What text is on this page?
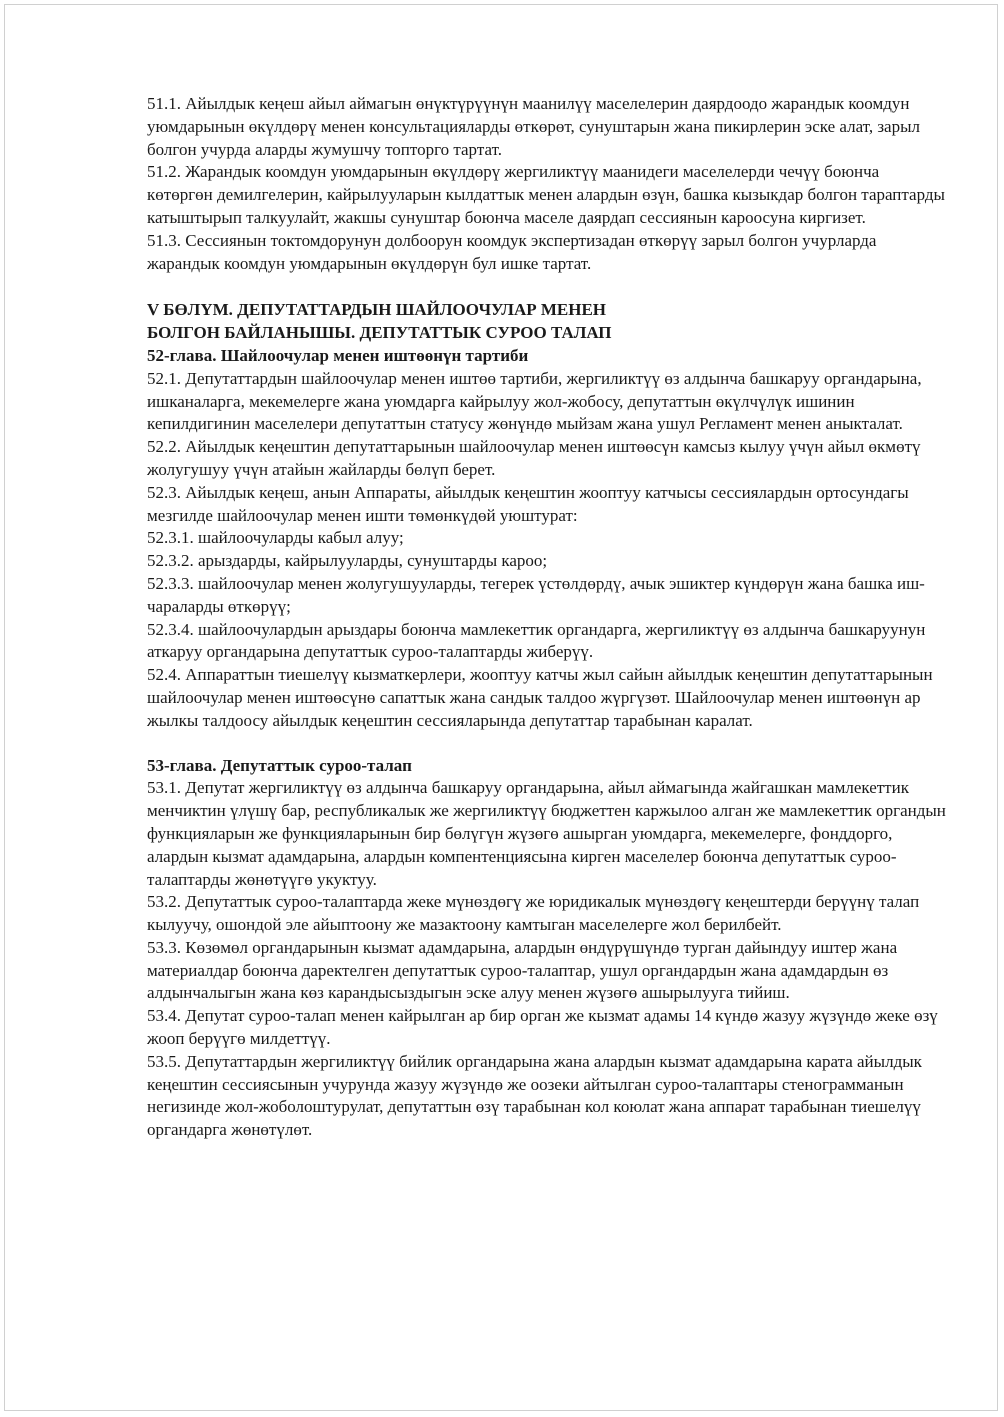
51.1. Айылдык кеңеш айыл аймагын өнүктүрүүнүн маанилүү маселелерин даярдоодо жарандык коомдун уюмдарынын өкүлдөрү менен консультацияларды өткөрөт, сунуштарын жана пикирлерин эске алат, зарыл болгон учурда аларды жумушчу топторго тартат.

51.2. Жарандык коомдун уюмдарынын өкүлдөрү жергиликтүү маанидеги маселелерди чечүү боюнча көтөргөн демилгелерин, кайрылууларын кылдаттык менен алардын өзүн, башка кызыкдар болгон тараптарды катыштырып талкуулайт, жакшы сунуштар боюнча маселе даярдап сессиянын кароосуна киргизет.

51.3. Сессиянын токтомдорунун долбоорун коомдук экспертизадан өткөрүү зарыл болгон учурларда жарандык коомдун уюмдарынын өкүлдөрүн бул ишке тартат.

V БӨЛҮМ. ДЕПУТАТТАРДЫН ШАЙЛООЧУЛАР МЕНЕН

БОЛГОН БАЙЛАНЫШЫ. ДЕПУТАТТЫК СУРОО ТАЛАП

52-глава. Шайлоочулар менен иштөөнүн тартиби

52.1. Депутаттардын шайлоочулар менен иштөө тартиби, жергиликтүү өз алдынча башкаруу органдарына, ишканаларга, мекемелерге жана уюмдарга кайрылуу жол-жобосу, депутаттын өкүлчүлүк ишинин кепилдигинин маселелери депутаттын статусу жөнүндө мыйзам жана ушул Регламент менен аныкталат.

52.2. Айылдык кеңештин депутаттарынын шайлоочулар менен иштөөсүн камсыз кылуу үчүн айыл өкмөтү жолугушуу үчүн атайын жайларды бөлүп берет.

52.3. Айылдык кеңеш, анын Аппараты, айылдык кеңештин жооптуу катчысы сессиялардын ортосундагы мезгилде шайлоочулар менен ишти төмөнкүдөй уюштурат:

52.3.1. шайлоочуларды кабыл алуу;

52.3.2. арыздарды, кайрылууларды, сунуштарды кароо;

52.3.3. шайлоочулар менен жолугушууларды, тегерек үстөлдөрдү, ачык эшиктер күндөрүн жана башка иш-чараларды өткөрүү;

52.3.4. шайлоочулардын арыздары боюнча мамлекеттик органдарга, жергиликтүү өз алдынча башкаруунун аткаруу органдарына депутаттык суроо-талаптарды жиберүү.

52.4. Аппараттын тиешелүү кызматкерлери, жооптуу катчы жыл сайын айылдык кеңештин депутаттарынын шайлоочулар менен иштөөсүнө сапаттык жана сандык талдоо жүргүзөт. Шайлоочулар менен иштөөнүн ар жылкы талдоосу айылдык кеңештин сессияларында депутаттар тарабынан каралат.

53-глава. Депутаттык суроо-талап

53.1. Депутат жергиликтүү өз алдынча башкаруу органдарына, айыл аймагында жайгашкан мамлекеттик менчиктин үлүшү бар, республикалык же жергиликтүү бюджеттен каржылоо алган же мамлекеттик органдын функцияларын же функцияларынын бир бөлүгүн жүзөгө ашырган уюмдарга, мекемелерге, фонддорго, алардын кызмат адамдарына, алардын компентенциясына кирген маселелер боюнча депутаттык суроо-талаптарды жөнөтүүгө укуктуу.

53.2. Депутаттык суроо-талаптарда жеке мүнөздөгү же юридикалык мүнөздөгү кеңештерди берүүнү талап кылуучу, ошондой эле айыптоону же мазактоону камтыган маселелерге жол берилбейт.

53.3. Көзөмөл органдарынын кызмат адамдарына, алардын өндүрүшүндө турган дайындуу иштер жана материалдар боюнча даректелген депутаттык суроо-талаптар, ушул органдардын жана адамдардын өз алдынчалыгын жана көз карандысыздыгын эске алуу менен жүзөгө ашырылууга тийиш.

53.4. Депутат суроо-талап менен кайрылган ар бир орган же кызмат адамы 14 күндө жазуу жүзүндө жеке өзү жооп берүүгө милдеттүү.

53.5. Депутаттардын жергиликтүү бийлик органдарына жана алардын кызмат адамдарына карата айылдык кеңештин сессиясынын учурунда жазуу жүзүндө же оозеки айтылган суроо-талаптары стенограмманын негизинде жол-жоболоштурулат, депутаттын өзү тарабынан кол коюлат жана аппарат тарабынан тиешелүү органдарга жөнөтүлөт.
